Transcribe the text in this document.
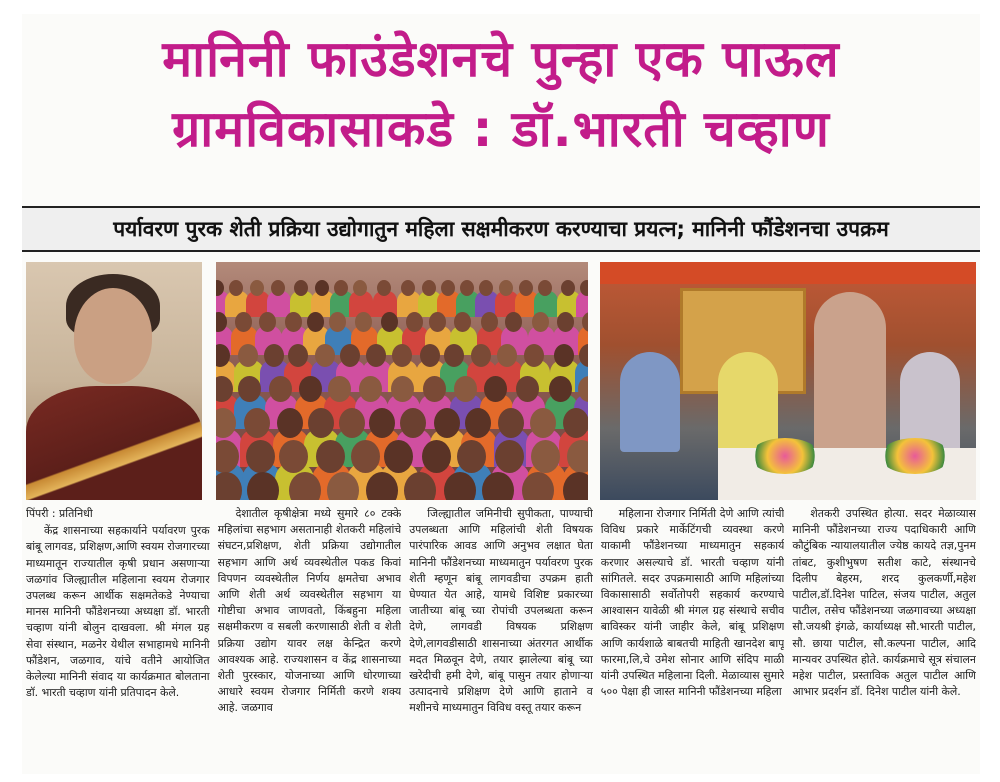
मानिनी फाउंडेशनचे पुन्हा एक पाऊल
ग्रामविकासाकडे : डॉ.भारती चव्हाण
पर्यावरण पुरक शेती प्रक्रिया उद्योगातुन महिला सक्षमीकरण करण्याचा प्रयत्न; मानिनी फौंडेशनचा उपक्रम

पिंपरी : प्रतिनिधी

केंद्र शासनाच्या सहकार्याने पर्यावरण पुरक बांबू लागवड, प्रशिक्षण,आणि स्वयम रोजगारच्या माध्यमातून राज्यातील कृषी प्रधान असणाऱ्या जळगांव जिल्ह्यातील महिलाना स्वयम रोजगार उपलब्ध करून आर्थीक सक्षमतेकडे नेण्याचा मानस मानिनी फौंडेशनच्या अध्यक्षा डॉ. भारती चव्हाण यांनी बोलुन दाखवला. श्री मंगल ग्रह सेवा संस्थान, मळनेर येथील सभाहामधे मानिनी फौंडेशन, जळगाव, यांचे वतीने आयोजित केलेल्या मानिनी संवाद या कार्यक्रमात बोलताना डॉ. भारती चव्हाण यांनी प्रतिपादन केले.

देशातील कृषीक्षेत्रा मध्ये सुमारे ८० टक्के महिलांचा सहभाग असतानाही शेतकरी महिलांचे संघटन,प्रशिक्षण, शेती प्रक्रिया उद्योगातील सहभाग आणि अर्थ व्यवस्थेतील पकड किवां विपणन व्यवस्थेतील निर्णय क्षमतेचा अभाव आणि शेती अर्थ व्यवस्थेतील सहभाग या गोष्टीचा अभाव जाणवतो, किंबहुना महिला सक्षमीकरण व सबली करणासाठी शेती व शेती प्रक्रिया उद्योग यावर लक्ष केन्द्रित करणे आवश्यक आहे. राज्यशासन व केंद्र शासनाच्या शेती पुरस्कार, योजनाच्या आणि धोरणाच्या आधारे स्वयम रोजगार निर्मिती करणे शक्य आहे. जळगाव

जिल्ह्यातील जमिनीची सुपीकता, पाण्याची उपलब्धता आणि महिलांची शेती विषयक पारंपारिक आवड आणि अनुभव लक्षात घेता मानिनी फौंडेशनच्या माध्यमातुन पर्यावरण पुरक शेती म्हणून बांबू लागवडीचा उपक्रम हाती घेण्यात येत आहे, यामधे विशिष्ट प्रकारच्या जातीच्या बांबू च्या रोपांची उपलब्धता करून देणे, लागवडी विषयक प्रशिक्षण देणे,लागवडीसाठी शासनाच्या अंतरगत आर्थीक मदत मिळवून देणे, तयार झालेल्या बांबू च्या खरेदीची हमी देणे, बांबू पासुन तयार होणाऱ्या उत्पादनाचे प्रशिक्षण देणे आणि हाताने व मशीनचे माध्यमातुन विविध वस्तू तयार करून

महिलाना रोजगार निर्मिती देणे आणि त्यांची विविध प्रकारे मार्केटिंगची व्यवस्था करणे याकामी फौंडेशनच्या माध्यमातुन सहकार्य करणार असल्याचे डॉ. भारती चव्हाण यांनी सांगितले. सदर उपक्रमासाठी आणि महिलांच्या विकासासाठी सर्वोतोपरी सहकार्य करण्याचे आश्वासन यावेळी श्री मंगल ग्रह संस्थाचे सचीव बाविस्कर यांनी जाहीर केले, बांबू प्रशिक्षण आणि कार्यशाळे बाबतची माहिती खानदेश बापू फारमा,लि,चे उमेश सोनार आणि संदिप माळी यांनी उपस्थित महिलाना दिली. मेळाव्यास सुमारे ५०० पेक्षा ही जास्त मानिनी फौंडेशनच्या महिला

शेतकरी उपस्थित होत्या. सदर मेळाव्यास मानिनी फौंडेशनच्या राज्य पदाधिकारी आणि कौटुंबिक न्यायालयातील ज्येष्ठ कायदे तज्ञ,पुनम तांबट, कुशीभुषण सतीश काटे, संस्थानचे दिलीप बेहरम, शरद कुलकर्णी,महेश पाटील,डॉ.दिनेश पाटिल, संजय पाटील, अतुल पाटील, तसेच फौंडेशनच्या जळगावच्या अध्यक्षा सौ.जयश्री इंगळे, कार्याध्यक्ष सौ.भारती पाटील, सौ. छाया पाटील, सौ.कल्पना पाटील, आदि मान्यवर उपस्थित होते. कार्यक्रमाचे सूत्र संचालन महेश पाटील, प्रस्ताविक अतुल पाटील आणि आभार प्रदर्शन डॉ. दिनेश पाटील यांनी केले.
